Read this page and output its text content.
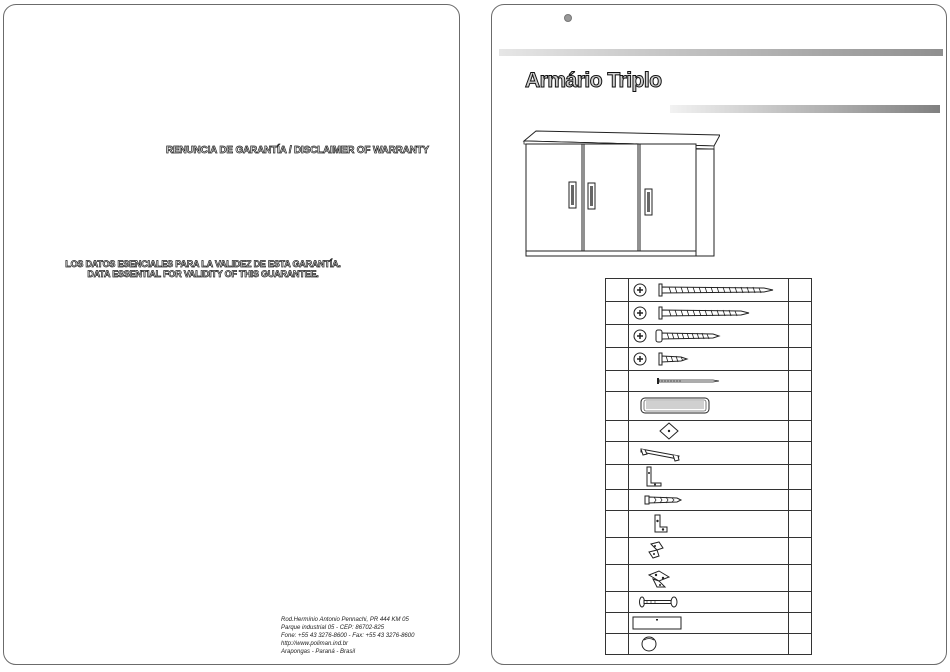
RENUNCIA DE GARANTÍA / DISCLAIMER OF WARRANTY

LOS DATOS ESENCIALES PARA LA VALIDEZ DE ESTA GARANTÍA.

DATA ESSENTIAL FOR VALIDITY OF THIS GUARANTEE.

Rod.Hermínio Antonio Pennachi, PR 444 KM 05
Parque industrial 05 - CEP: 86702-825
Fone: +55 43 3276-8600 - Fax: +55 43 3276-8600
http://www.poliman.ind.br
Arapongas - Paraná - Brasil
Armário Triplo
